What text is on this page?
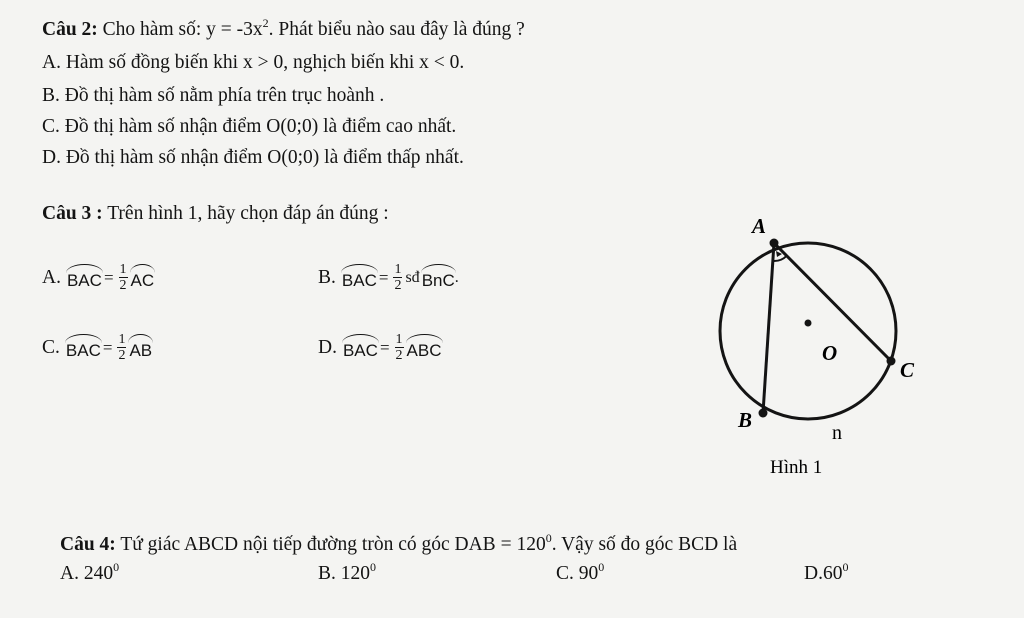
Câu 2: Cho hàm số: $y = -3x^2$. Phát biểu nào sau đây là đúng ?
A. Hàm số đồng biến khi x > 0, nghịch biến khi x < 0.
B. Đồ thị hàm số nằm phía trên trục hoành .
C. Đồ thị hàm số nhận điểm O(0;0) là điểm cao nhất.
D. Đồ thị hàm số nhận điểm O(0;0) là điểm thấp nhất.
Câu 3 : Trên hình 1, hãy chọn đáp án đúng :
A. BAC = $\frac{1}{2}$ AC	B. BAC = $\frac{1}{2}$ sđ BnC .
C. BAC = $\frac{1}{2}$ AB	D. BAC = $\frac{1}{2}$ ABC
A
B
C
O
n
Hình 1
Câu 4: Tứ giác ABCD nội tiếp đường tròn có góc DAB = $120^0$. Vậy số đo góc BCD là
A. $240^0$	B. $120^0$	C. $90^0$	$D.60^0$
